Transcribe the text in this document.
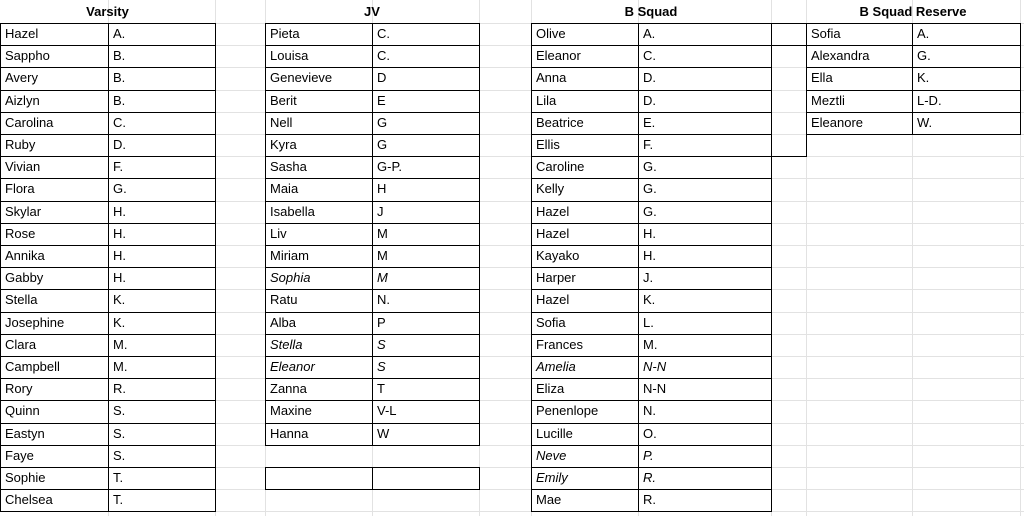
Varsity
Hazel	A.
Sappho	B.
Avery	B.
Aizlyn	B.
Carolina	C.
Ruby	D.
Vivian	F.
Flora	G.
Skylar	H.
Rose	H.
Annika	H.
Gabby	H.
Stella	K.
Josephine	K.
Clara	M.
Campbell	M.
Rory	R.
Quinn	S.
Eastyn	S.
Faye	S.
Sophie	T.
Chelsea	T.
JV
Pieta	C.
Louisa	C.
Genevieve	D
Berit	E
Nell	G
Kyra	G
Sasha	G-P.
Maia	H
Isabella	J
Liv	M
Miriam	M
Sophia	M
Ratu	N.
Alba	P
Stella	S
Eleanor	S
Zanna	T
Maxine	V-L
Hanna	W
B Squad
Olive	A.
Eleanor	C.
Anna	D.
Lila	D.
Beatrice	E.
Ellis	F.
Caroline	G.
Kelly	G.
Hazel	G.
Hazel	H.
Kayako	H.
Harper	J.
Hazel	K.
Sofia	L.
Frances	M.
Amelia	N-N
Eliza	N-N
Penenlope	N.
Lucille	O.
Neve	P.
Emily	R.
Mae	R.
B Squad Reserve
Sofia	A.
Alexandra	G.
Ella	K.
Meztli	L-D.
Eleanore	W.
